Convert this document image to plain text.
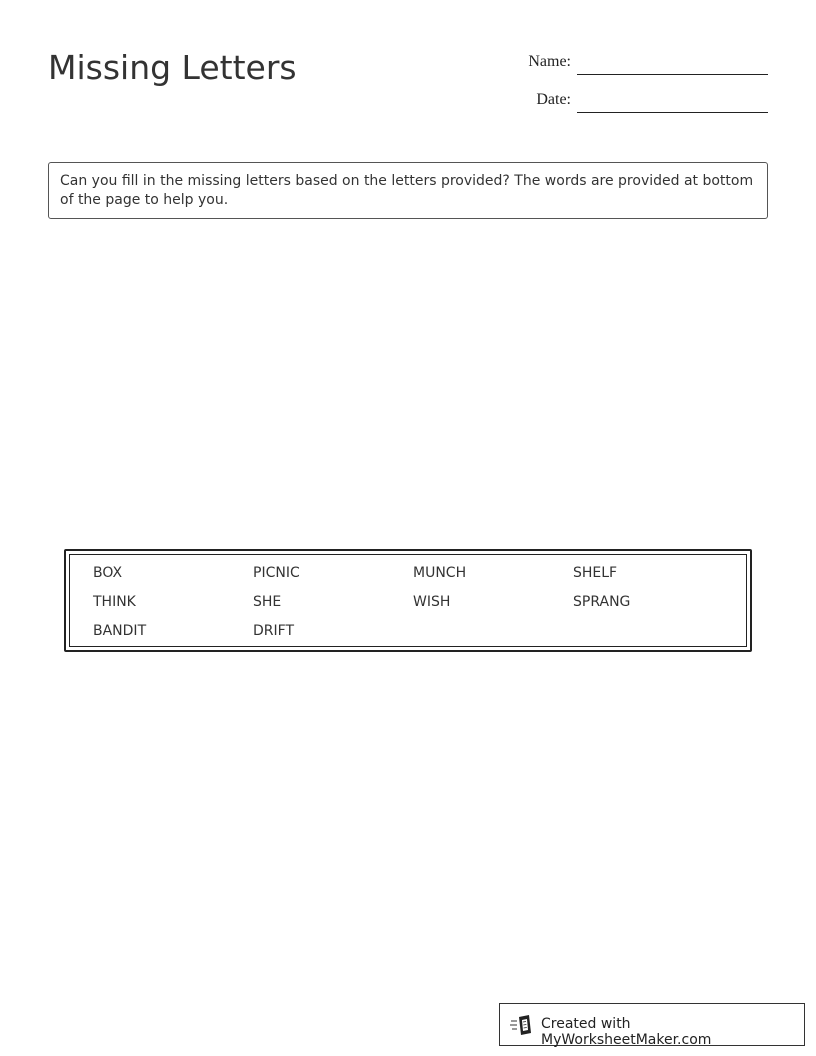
Missing Letters	Name:
Date:
Can you fill in the missing letters based on the letters provided? The words are provided at bottom of the page to help you.
BOX	PICNIC	MUNCH	SHELF
THINK	SHE	WISH	SPRANG
BANDIT	DRIFT
Created with MyWorksheetMaker.com
